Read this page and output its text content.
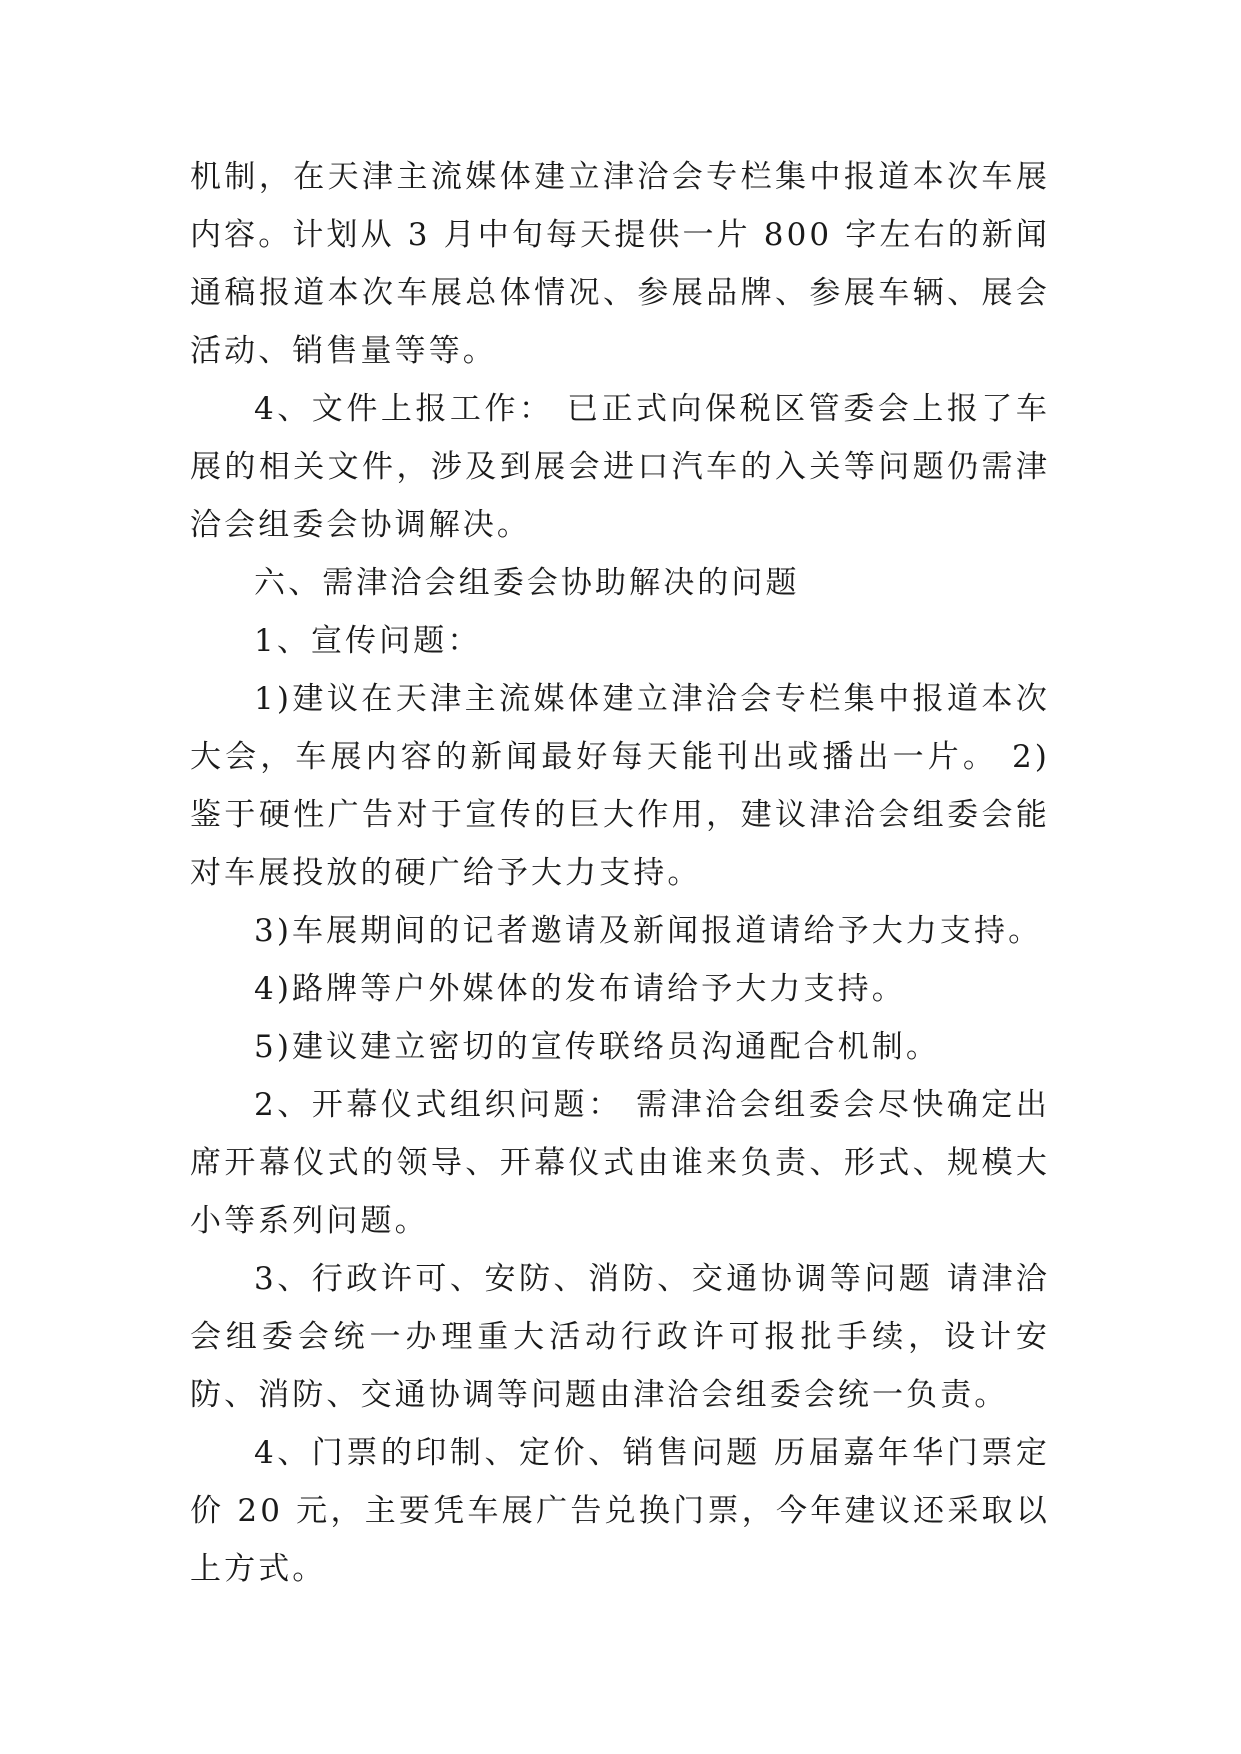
机制，在天津主流媒体建立津洽会专栏集中报道本次车展内容。计划从 3 月中旬每天提供一片 800 字左右的新闻通稿报道本次车展总体情况、参展品牌、参展车辆、展会活动、销售量等等。

4、文件上报工作： 已正式向保税区管委会上报了车展的相关文件，涉及到展会进口汽车的入关等问题仍需津洽会组委会协调解决。

六、需津洽会组委会协助解决的问题

1、宣传问题：

1)建议在天津主流媒体建立津洽会专栏集中报道本次大会，车展内容的新闻最好每天能刊出或播出一片。 2)鉴于硬性广告对于宣传的巨大作用，建议津洽会组委会能对车展投放的硬广给予大力支持。

3)车展期间的记者邀请及新闻报道请给予大力支持。

4)路牌等户外媒体的发布请给予大力支持。

5)建议建立密切的宣传联络员沟通配合机制。

2、开幕仪式组织问题： 需津洽会组委会尽快确定出席开幕仪式的领导、开幕仪式由谁来负责、形式、规模大小等系列问题。

3、行政许可、安防、消防、交通协调等问题 请津洽会组委会统一办理重大活动行政许可报批手续，设计安防、消防、交通协调等问题由津洽会组委会统一负责。

4、门票的印制、定价、销售问题 历届嘉年华门票定价 20 元，主要凭车展广告兑换门票，今年建议还采取以上方式。
